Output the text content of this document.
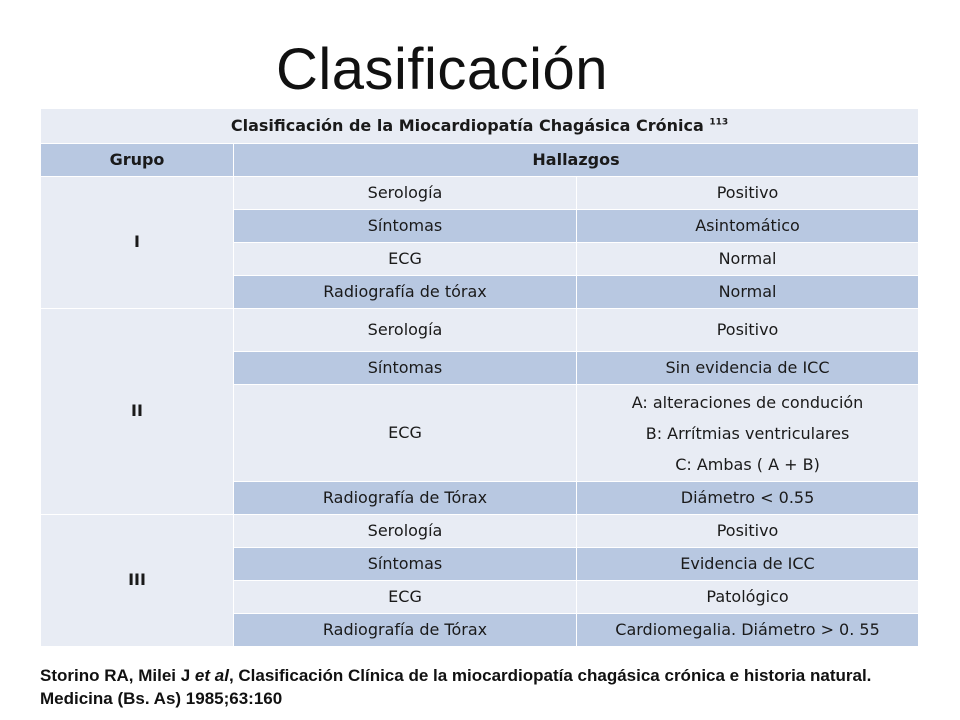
Clasificación
Clasificación de la Miocardiopatía Chagásica Crónica $^{113}$
Grupo	Hallazgos	
I	Serología	Positivo
	Síntomas	Asintomático
	ECG	Normal
	Radiografía de tórax	Normal
II	Serología	Positivo
	Síntomas	Sin evidencia de ICC
	ECG	A: alteraciones de condución
B: Arrítmias ventriculares
C: Ambas ( A + B)

	Radiografía de Tórax	Diámetro < 0.55
III	Serología	Positivo
	Síntomas	Evidencia de ICC
	ECG	Patológico
	Radiografía de Tórax	Cardiomegalia. Diámetro > 0. 55
Storino RA, Milei J et al, Clasificación Clínica de la miocardiopatía chagásica crónica e historia natural. Medicina (Bs. As) 1985;63:160
